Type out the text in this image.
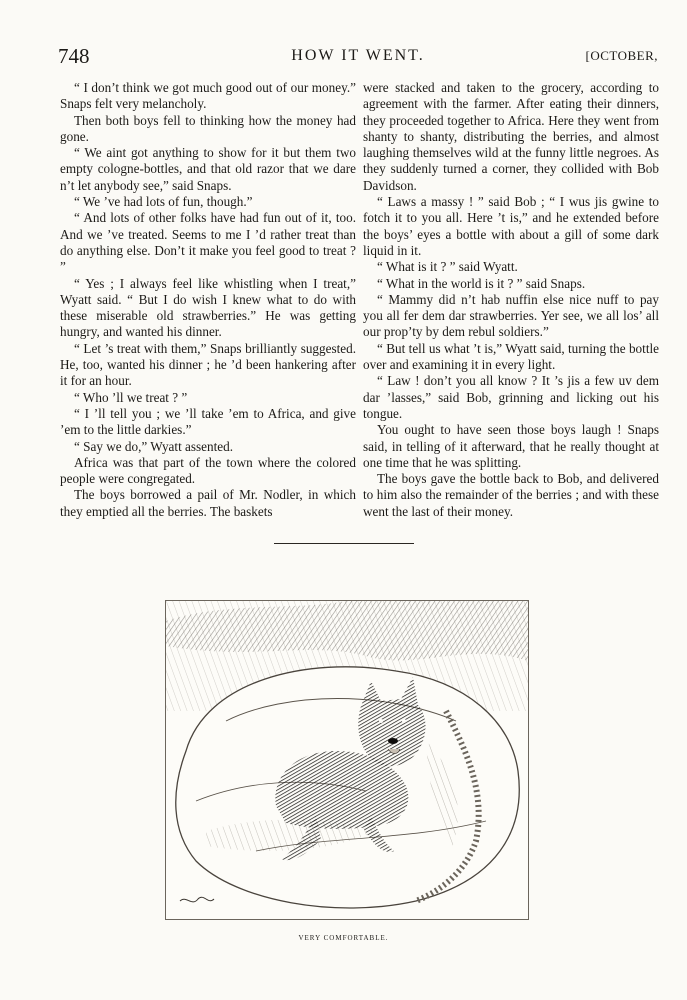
748	HOW IT WENT.	[OCTOBER,

“ I don’t think we got much good out of our money.” Snaps felt very melancholy.

Then both boys fell to thinking how the money had gone.

“ We aint got anything to show for it but them two empty cologne-bottles, and that old razor that we dare n’t let anybody see,” said Snaps.

“ We ’ve had lots of fun, though.”

“ And lots of other folks have had fun out of it, too. And we ’ve treated. Seems to me I ’d rather treat than do anything else. Don’t it make you feel good to treat ? ”

“ Yes ; I always feel like whistling when I treat,” Wyatt said. “ But I do wish I knew what to do with these miserable old strawberries.” He was getting hungry, and wanted his dinner.

“ Let ’s treat with them,” Snaps brilliantly suggested. He, too, wanted his dinner ; he ’d been hankering after it for an hour.

“ Who ’ll we treat ? ”

“ I ’ll tell you ; we ’ll take ’em to Africa, and give ’em to the little darkies.”

“ Say we do,” Wyatt assented.

Africa was that part of the town where the colored people were congregated.

The boys borrowed a pail of Mr. Nodler, in which they emptied all the berries. The baskets

were stacked and taken to the grocery, according to agreement with the farmer. After eating their dinners, they proceeded together to Africa. Here they went from shanty to shanty, distributing the berries, and almost laughing themselves wild at the funny little negroes. As they suddenly turned a corner, they collided with Bob Davidson.

“ Laws a massy ! ” said Bob ; “ I wus jis gwine to fotch it to you all. Here ’t is,” and he extended before the boys’ eyes a bottle with about a gill of some dark liquid in it.

“ What is it ? ” said Wyatt.

“ What in the world is it ? ” said Snaps.

“ Mammy did n’t hab nuffin else nice nuff to pay you all fer dem dar strawberries. Yer see, we all los’ all our prop’ty by dem rebul soldiers.”

“ But tell us what ’t is,” Wyatt said, turning the bottle over and examining it in every light.

“ Law ! don’t you all know ? It ’s jis a few uv dem dar ’lasses,” said Bob, grinning and licking out his tongue.

You ought to have seen those boys laugh ! Snaps said, in telling of it afterward, that he really thought at one time that he was splitting.

The boys gave the bottle back to Bob, and delivered to him also the remainder of the berries ; and with these went the last of their money.

VERY COMFORTABLE.
